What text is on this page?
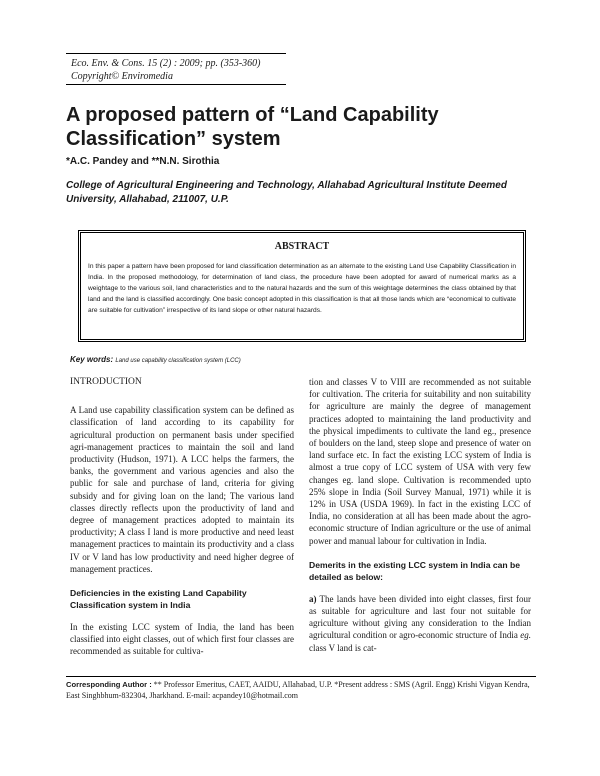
Eco. Env. & Cons. 15 (2) : 2009; pp. (353-360)
Copyright© Enviromedia
A proposed pattern of “Land Capability Classification” system
*A.C. Pandey and **N.N. Sirothia
College of Agricultural Engineering and Technology, Allahabad Agricultural Institute Deemed University, Allahabad, 211007, U.P.
ABSTRACT

In this paper a pattern have been proposed for land classification determination as an alternate to the existing Land Use Capability Classification in India. In the proposed methodology, for determination of land class, the procedure have been adopted for award of numerical marks as a weightage to the various soil, land characteristics and to the natural hazards and the sum of this weightage determines the class obtained by that land and the land is classified accordingly. One basic concept adopted in this classification is that all those lands which are “economical to cultivate are suitable for cultivation” irrespective of its land slope or other natural hazards.

Key words: Land use capability classification system (LCC)
INTRODUCTION

A Land use capability classification system can be defined as classification of land according to its capability for agricultural production on permanent basis under specified agri-management practices to maintain the soil and land productivity (Hudson, 1971). A LCC helps the farmers, the banks, the government and various agencies and also the public for sale and purchase of land, criteria for giving subsidy and for giving loan on the land; The various land classes directly reflects upon the productivity of land and degree of management practices adopted to maintain its productivity; A class I land is more productive and need least management practices to maintain its productivity and a class IV or V land has low productivity and need higher degree of management practices.

Deficiencies in the existing Land Capability Classification system in India

In the existing LCC system of India, the land has been classified into eight classes, out of which first four classes are recommended as suitable for cultiva-

tion and classes V to VIII are recommended as not suitable for cultivation. The criteria for suitability and non suitability for agriculture are mainly the degree of management practices adopted to maintaining the land productivity and the physical impediments to cultivate the land eg., presence of boulders on the land, steep slope and presence of water on land surface etc. In fact the existing LCC system of India is almost a true copy of LCC system of USA with very few changes eg. land slope. Cultivation is recommended upto 25% slope in India (Soil Survey Manual, 1971) while it is 12% in USA (USDA 1969). In fact in the existing LCC of India, no consideration at all has been made about the agro-economic structure of Indian agriculture or the use of animal power and manual labour for cultivation in India.

Demerits in the existing LCC system in India can be detailed as below:

a) The lands have been divided into eight classes, first four as suitable for agriculture and last four not suitable for agriculture without giving any consideration to the Indian agricultural condition or agro-economic structure of India eg. class V land is cat-

Corresponding Author : ** Professor Emeritus, CAET, AAIDU, Allahabad, U.P. *Present address : SMS (Agril. Engg) Krishi Vigyan Kendra, East Singhbhum-832304, Jharkhand. E-mail: acpandey10@hotmail.com
